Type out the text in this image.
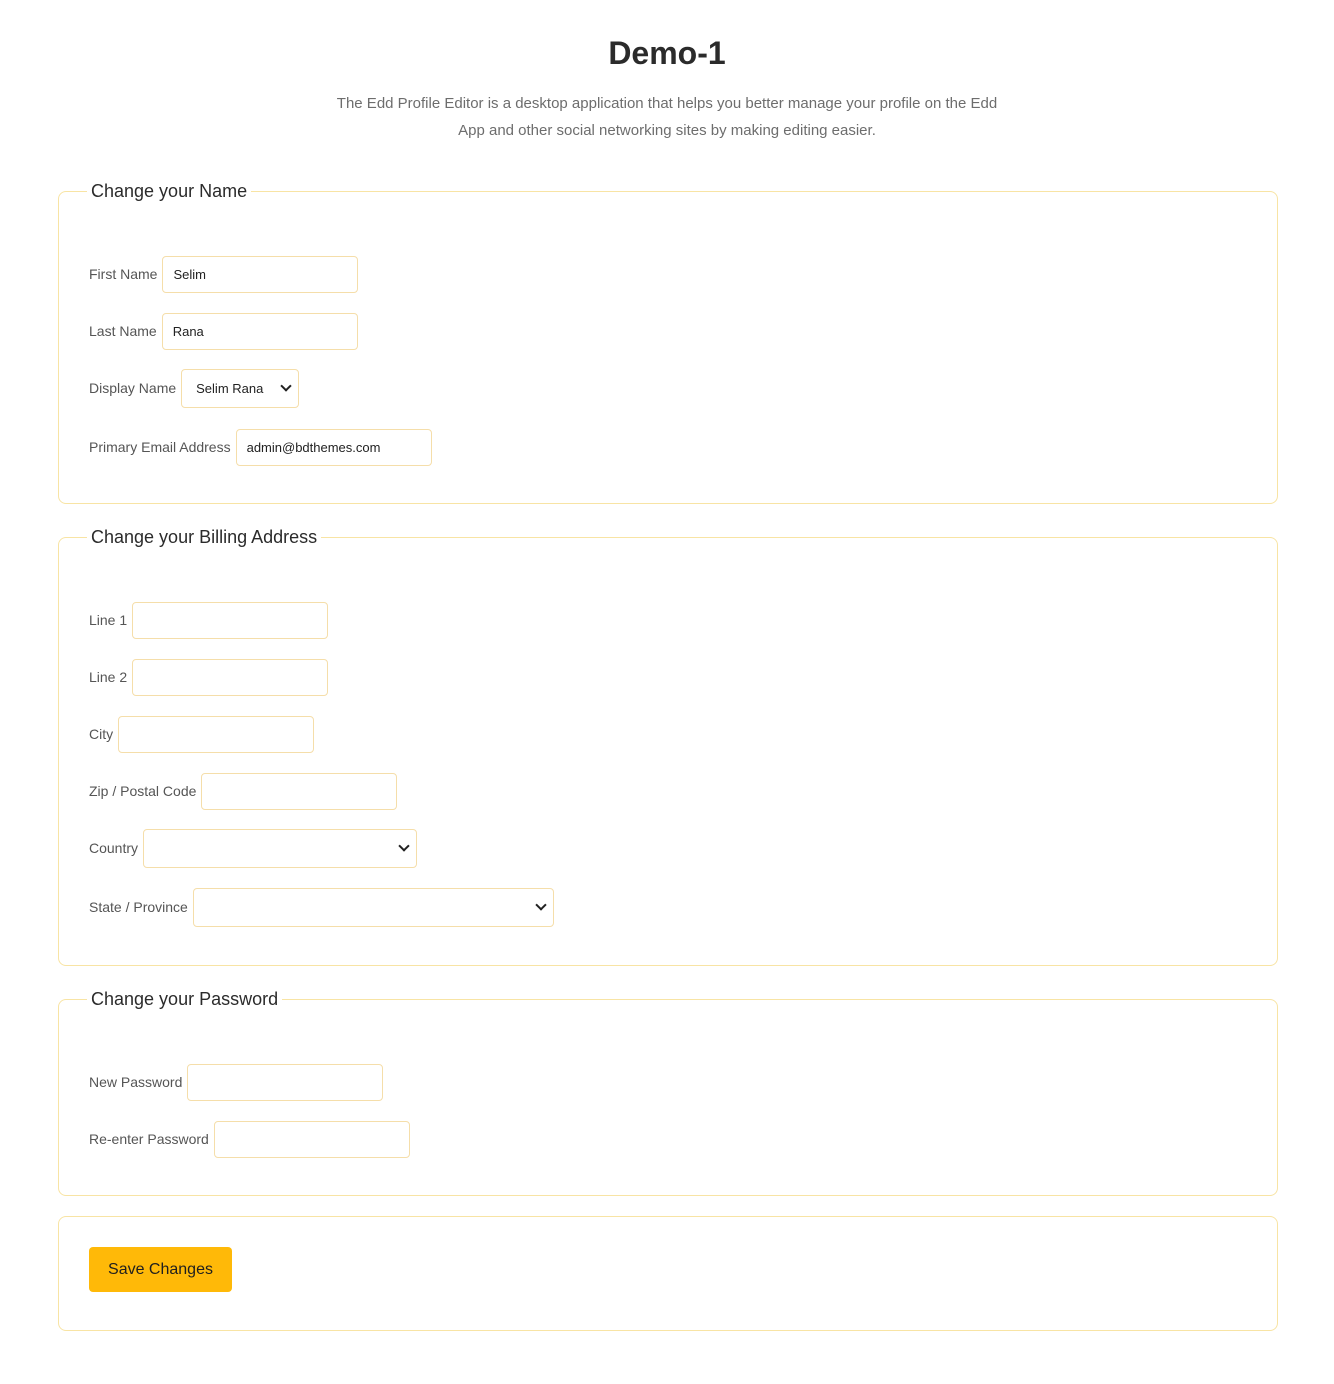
Demo-1
The Edd Profile Editor is a desktop application that helps you better manage your profile on the Edd
App and other social networking sites by making editing easier.
Change your Name
First Name
Selim
Last Name
Rana
Display Name Selim Rana
Primary Email Address
admin@bdthemes.com
Change your Billing Address
Line 1
Line 2
City
Zip / Postal Code
Country
State / Province
Change your Password
New Password
Re-enter Password
Save Changes
